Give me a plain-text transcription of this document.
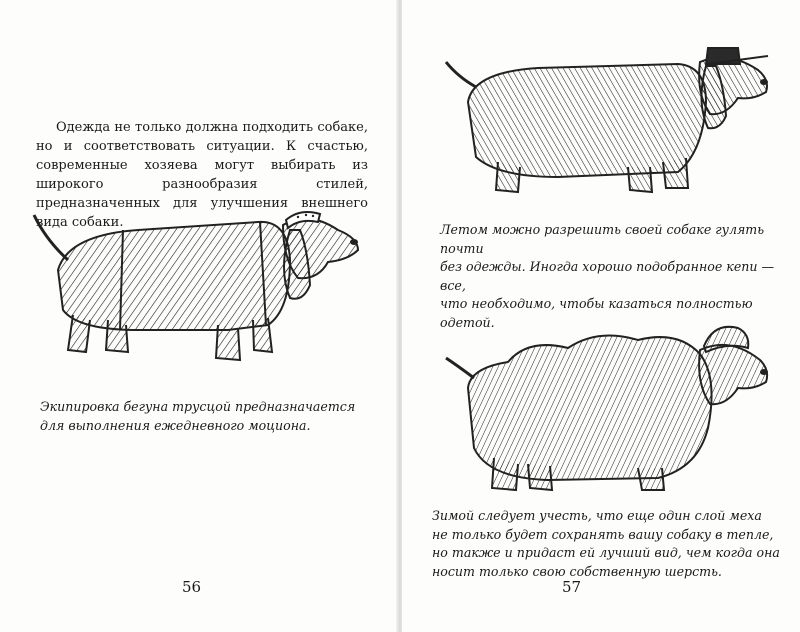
Одежда не только должна подходить собаке, но и соответствовать ситуации. К счастью, современные хозяева могут выбирать из широкого разнообразия стилей, предназначенных для улучшения внешнего вида собаки.

Экипировка бегуна трусцой предназначается
для выполнения ежедневного моциона.

56

Летом можно разрешить своей собаке гулять почти
без одежды. Иногда хорошо подобранное кепи — все,
что необходимо, чтобы казаться полностью одетой.

Зимой следует учесть, что еще один слой меха
не только будет сохранять вашу собаку в тепле,
но также и придаст ей лучший вид, чем когда она
носит только свою собственную шерсть.

57
